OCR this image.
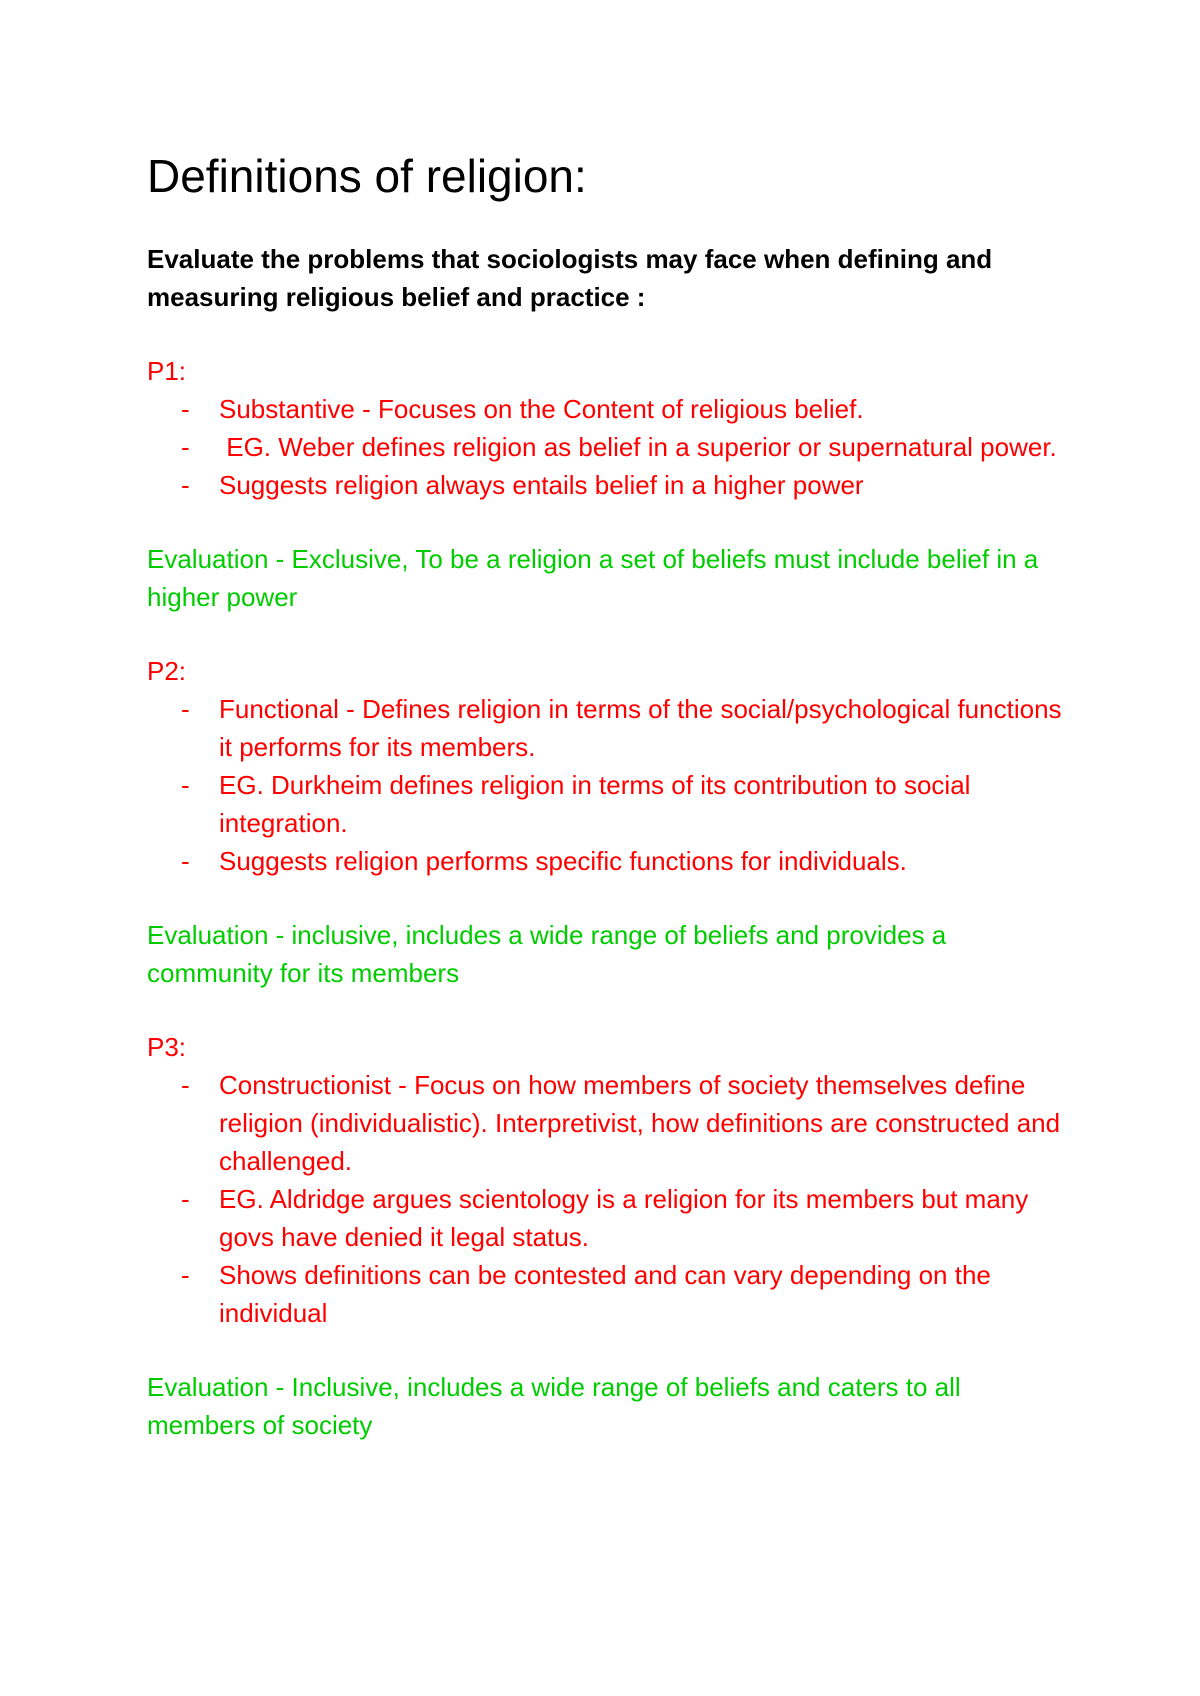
Definitions of religion:
Evaluate the problems that sociologists may face when defining and measuring religious belief and practice :
P1:
- Substantive - Focuses on the Content of religious belief.
- EG. Weber defines religion as belief in a superior or supernatural power.
- Suggests religion always entails belief in a higher power
Evaluation - Exclusive, To be a religion a set of beliefs must include belief in a higher power
P2:
- Functional - Defines religion in terms of the social/psychological functions it performs for its members.
- EG. Durkheim defines religion in terms of its contribution to social integration.
- Suggests religion performs specific functions for individuals.
Evaluation - inclusive, includes a wide range of beliefs and provides a community for its members
P3:
- Constructionist - Focus on how members of society themselves define religion (individualistic). Interpretivist, how definitions are constructed and challenged.
- EG. Aldridge argues scientology is a religion for its members but many govs have denied it legal status.
- Shows definitions can be contested and can vary depending on the individual
Evaluation - Inclusive, includes a wide range of beliefs and caters to all members of society
